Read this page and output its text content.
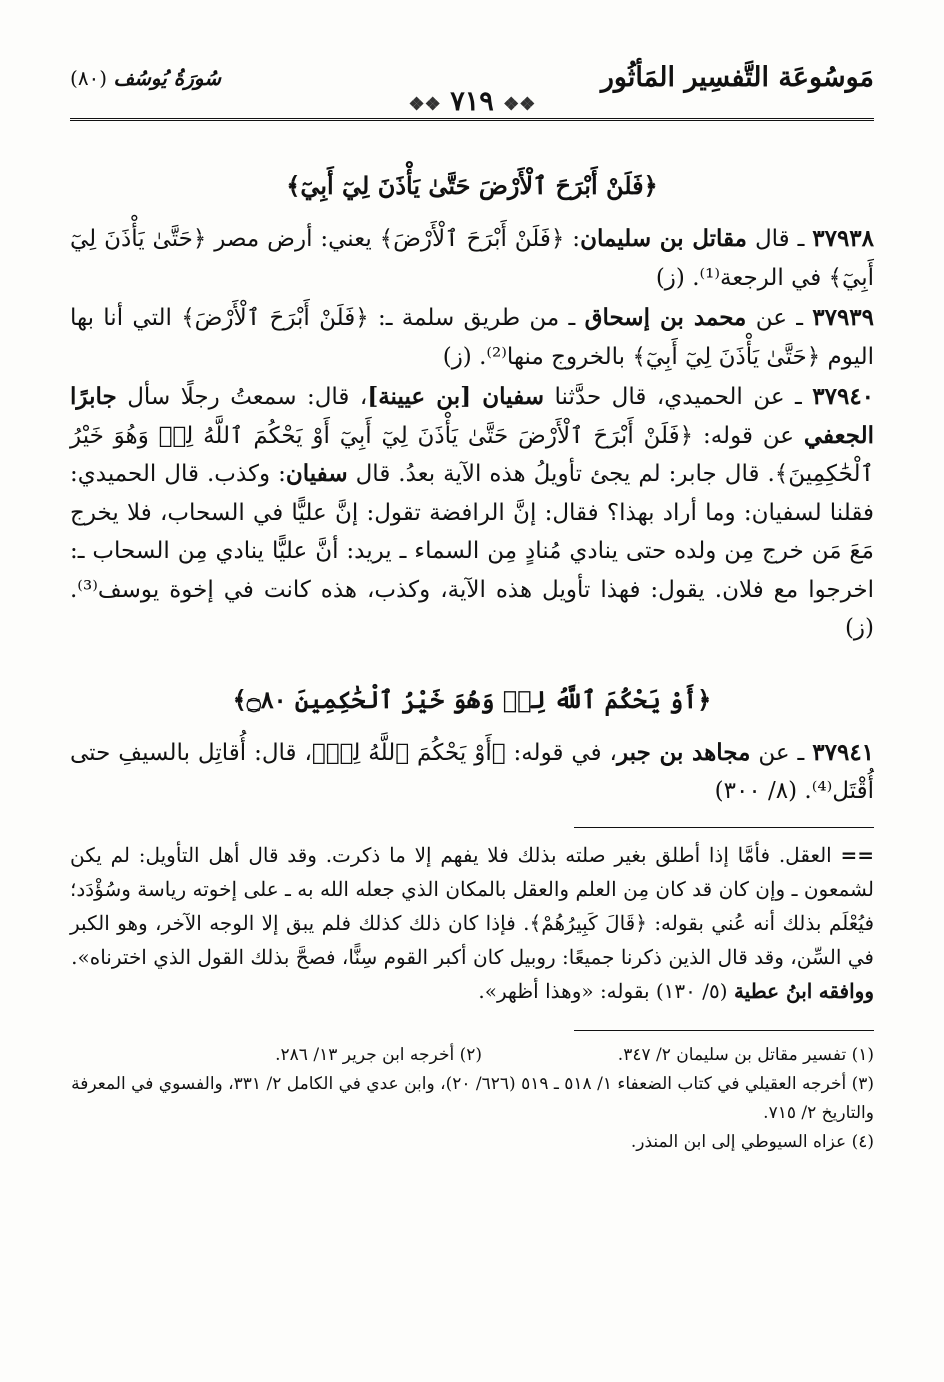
مَوسُوعَة التَّفسِير المَأثُور
سُورَةُ يُوسُف (٨٠)
❖❖ ٧١٩ ❖❖
﴿فَلَنْ أَبْرَحَ ٱلْأَرْضَ حَتَّىٰ يَأْذَنَ لِيٓ أَبِيٓ﴾

٣٧٩٣٨ ـ قال مقاتل بن سليمان: ﴿فَلَنْ أَبْرَحَ ٱلْأَرْضَ﴾ يعني: أرض مصر ﴿حَتَّىٰ يَأْذَنَ لِيٓ أَبِيٓ﴾ في الرجعة⁽¹⁾. (ز)

٣٧٩٣٩ ـ عن محمد بن إسحاق ـ من طريق سلمة ـ: ﴿فَلَنْ أَبْرَحَ ٱلْأَرْضَ﴾ التي أنا بها اليوم ﴿حَتَّىٰ يَأْذَنَ لِيٓ أَبِيٓ﴾ بالخروج منها⁽²⁾. (ز)

٣٧٩٤٠ ـ عن الحميدي، قال حدَّثنا سفيان [بن عيينة]، قال: سمعتُ رجلًا سأل جابرًا الجعفي عن قوله: ﴿فَلَنْ أَبْرَحَ ٱلْأَرْضَ حَتَّىٰ يَأْذَنَ لِيٓ أَبِيٓ أَوْ يَحْكُمَ ٱللَّهُ لِيۖ وَهُوَ خَيْرُ ٱلْحَٰكِمِينَ﴾. قال جابر: لم يجئ تأويلُ هذه الآية بعدُ. قال سفيان: وكذب. قال الحميدي: فقلنا لسفيان: وما أراد بهذا؟ فقال: إنَّ الرافضة تقول: إنَّ عليًّا في السحاب، فلا يخرج مَعَ مَن خرج مِن ولده حتى ينادي مُنادٍ مِن السماء ـ يريد: أنَّ عليًّا ينادي مِن السحاب ـ: اخرجوا مع فلان. يقول: فهذا تأويل هذه الآية، وكذب، هذه كانت في إخوة يوسف⁽³⁾. (ز)

﴿أَوْ يَحْكُمَ ٱللَّهُ لِيۖ وَهُوَ خَيْرُ ٱلْحَٰكِمِينَ ۝٨٠﴾

٣٧٩٤١ ـ عن مجاهد بن جبر، في قوله: ﴿أَوْ يَحْكُمَ ٱللَّهُ لِيۖ﴾، قال: أُقاتِل بالسيفِ حتى أُقْتَل⁽⁴⁾. (٨/ ٣٠٠)

== العقل. فأمَّا إذا أطلق بغير صلته بذلك فلا يفهم إلا ما ذكرت. وقد قال أهل التأويل: لم يكن لشمعون ـ وإن كان قد كان مِن العلم والعقل بالمكان الذي جعله الله به ـ على إخوته رياسة وسُؤْدَد؛ فيُعْلَم بذلك أنه عُني بقوله: ﴿قَالَ كَبِيرُهُمْ﴾. فإذا كان ذلك كذلك فلم يبق إلا الوجه الآخر، وهو الكبر في السِّن، وقد قال الذين ذكرنا جميعًا: روبيل كان أكبر القوم سِنًّا، فصحَّ بذلك القول الذي اخترناه».
ووافقه ابنُ عطية (٥/ ١٣٠) بقوله: «وهذا أظهر».
(١) تفسير مقاتل بن سليمان ٢/ ٣٤٧.
(٢) أخرجه ابن جرير ١٣/ ٢٨٦.
(٣) أخرجه العقيلي في كتاب الضعفاء ١/ ٥١٨ ـ ٥١٩ (٦٢٦/ ٢٠)، وابن عدي في الكامل ٢/ ٣٣١، والفسوي في المعرفة والتاريخ ٢/ ٧١٥.
(٤) عزاه السيوطي إلى ابن المنذر.
